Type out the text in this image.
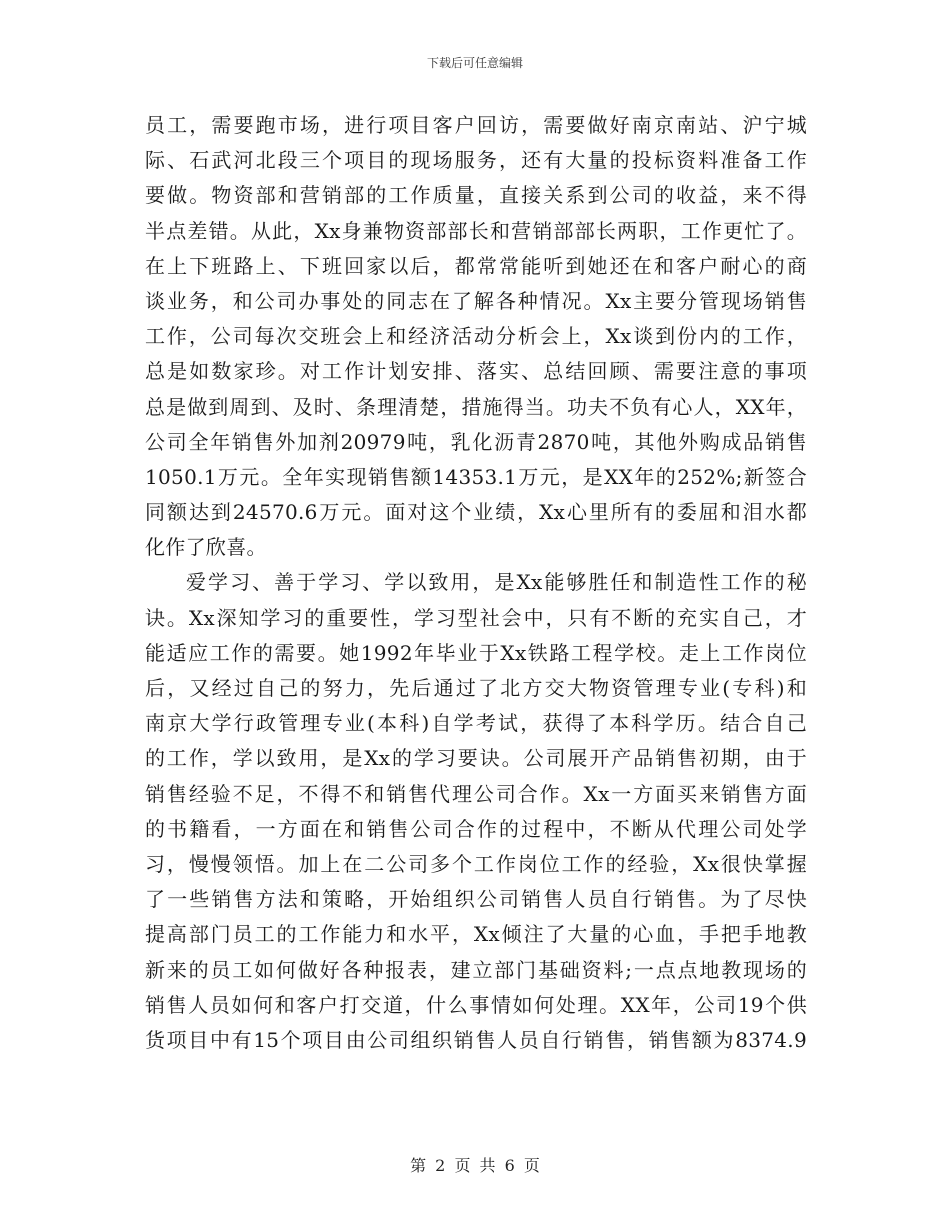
下载后可任意编辑
员工，需要跑市场，进行项目客户回访，需要做好南京南站、沪宁城
际、石武河北段三个项目的现场服务，还有大量的投标资料准备工作
要做。物资部和营销部的工作质量，直接关系到公司的收益，来不得
半点差错。从此，Xx身兼物资部部长和营销部部长两职，工作更忙了。
在上下班路上、下班回家以后，都常常能听到她还在和客户耐心的商
谈业务，和公司办事处的同志在了解各种情况。Xx主要分管现场销售
工作，公司每次交班会上和经济活动分析会上，Xx谈到份内的工作，
总是如数家珍。对工作计划安排、落实、总结回顾、需要注意的事项
总是做到周到、及时、条理清楚，措施得当。功夫不负有心人，XX年，
公司全年销售外加剂20979吨，乳化沥青2870吨，其他外购成品销售
1050.1万元。全年实现销售额14353.1万元，是XX年的252%;新签合
同额达到24570.6万元。面对这个业绩，Xx心里所有的委屈和泪水都
化作了欣喜。
爱学习、善于学习、学以致用，是Xx能够胜任和制造性工作的秘
诀。Xx深知学习的重要性，学习型社会中，只有不断的充实自己，才
能适应工作的需要。她1992年毕业于Xx铁路工程学校。走上工作岗位
后，又经过自己的努力，先后通过了北方交大物资管理专业(专科)和
南京大学行政管理专业(本科)自学考试，获得了本科学历。结合自己
的工作，学以致用，是Xx的学习要诀。公司展开产品销售初期，由于
销售经验不足，不得不和销售代理公司合作。Xx一方面买来销售方面
的书籍看，一方面在和销售公司合作的过程中，不断从代理公司处学
习，慢慢领悟。加上在二公司多个工作岗位工作的经验，Xx很快掌握
了一些销售方法和策略，开始组织公司销售人员自行销售。为了尽快
提高部门员工的工作能力和水平，Xx倾注了大量的心血，手把手地教
新来的员工如何做好各种报表，建立部门基础资料;一点点地教现场的
销售人员如何和客户打交道，什么事情如何处理。XX年，公司19个供
货项目中有15个项目由公司组织销售人员自行销售，销售额为8374.9
第 2 页 共 6 页
